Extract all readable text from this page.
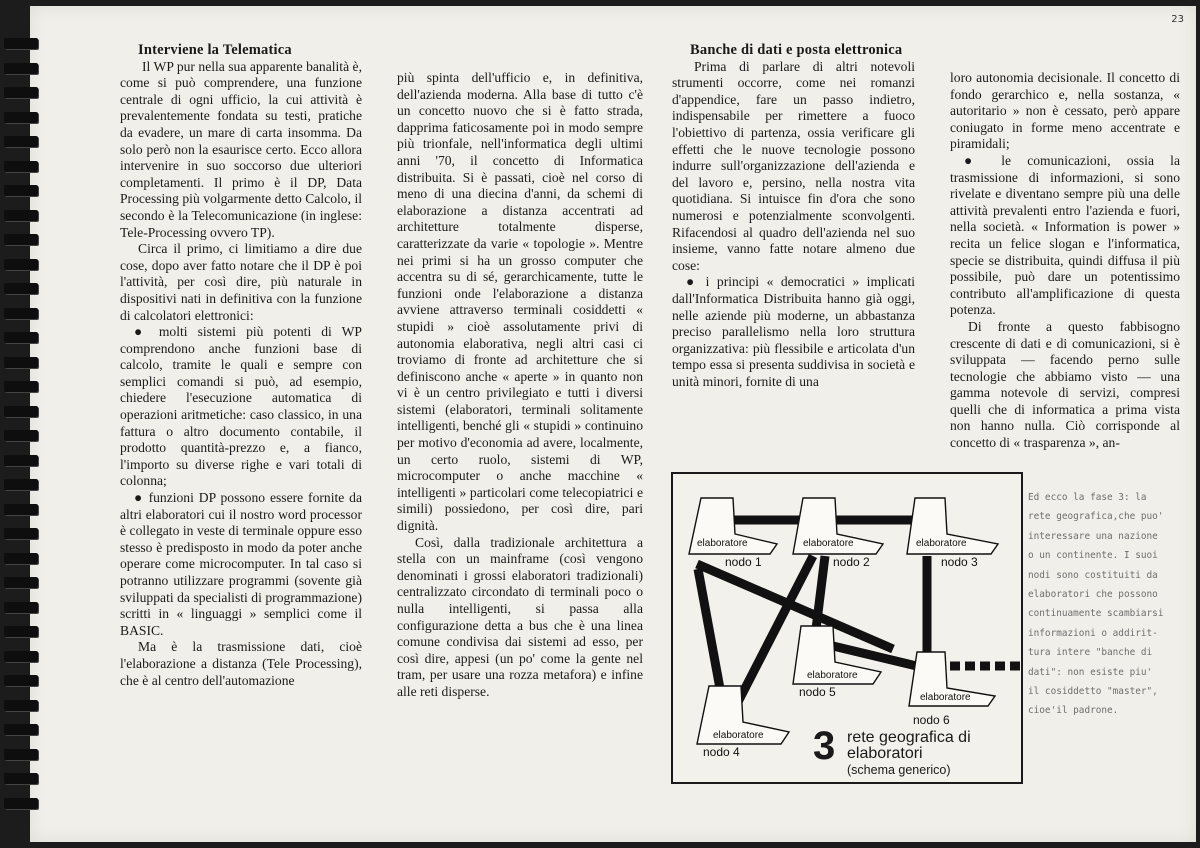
23

Interviene la Telematica

Il WP pur nella sua apparente banalità è, come si può comprendere, una funzione centrale di ogni ufficio, la cui attività è prevalentemente fondata su testi, pratiche da evadere, un mare di carta insomma. Da solo però non la esaurisce certo. Ecco allora intervenire in suo soccorso due ulteriori completamenti. Il primo è il DP, Data Processing più volgarmente detto Calcolo, il secondo è la Telecomunicazione (in inglese: Tele-Processing ovvero TP).

Circa il primo, ci limitiamo a dire due cose, dopo aver fatto notare che il DP è poi l'attività, per così dire, più naturale in dispositivi nati in definitiva con la funzione di calcolatori elettronici:

● molti sistemi più potenti di WP comprendono anche funzioni base di calcolo, tramite le quali e sempre con semplici comandi si può, ad esempio, chiedere l'esecuzione automatica di operazioni aritmetiche: caso classico, in una fattura o altro documento contabile, il prodotto quantità-prezzo e, a fianco, l'importo su diverse righe e vari totali di colonna;

● funzioni DP possono essere fornite da altri elaboratori cui il nostro word processor è collegato in veste di terminale oppure esso stesso è predisposto in modo da poter anche operare come microcomputer. In tal caso si potranno utilizzare programmi (sovente già sviluppati da specialisti di programmazione) scritti in « linguaggi » semplici come il BASIC.

Ma è la trasmissione dati, cioè l'elaborazione a distanza (Tele Processing), che è al centro dell'automazione

più spinta dell'ufficio e, in definitiva, dell'azienda moderna. Alla base di tutto c'è un concetto nuovo che si è fatto strada, dapprima faticosamente poi in modo sempre più trionfale, nell'informatica degli ultimi anni '70, il concetto di Informatica distribuita. Si è passati, cioè nel corso di meno di una diecina d'anni, da schemi di elaborazione a distanza accentrati ad architetture totalmente disperse, caratterizzate da varie « topologie ». Mentre nei primi si ha un grosso computer che accentra su di sé, gerarchicamente, tutte le funzioni onde l'elaborazione a distanza avviene attraverso terminali cosiddetti « stupidi » cioè assolutamente privi di autonomia elaborativa, negli altri casi ci troviamo di fronte ad architetture che si definiscono anche « aperte » in quanto non vi è un centro privilegiato e tutti i diversi sistemi (elaboratori, terminali solitamente intelligenti, benché gli « stupidi » continuino per motivo d'economia ad avere, localmente, un certo ruolo, sistemi di WP, microcomputer o anche macchine « intelligenti » particolari come telecopiatrici e simili) possiedono, per così dire, pari dignità.

Così, dalla tradizionale architettura a stella con un mainframe (così vengono denominati i grossi elaboratori tradizionali) centralizzato circondato di terminali poco o nulla intelligenti, si passa alla configurazione detta a bus che è una linea comune condivisa dai sistemi ad esso, per così dire, appesi (un po' come la gente nel tram, per usare una rozza metafora) e infine alle reti disperse.

Banche di dati e posta elettronica

Prima di parlare di altri notevoli strumenti occorre, come nei romanzi d'appendice, fare un passo indietro, indispensabile per rimettere a fuoco l'obiettivo di partenza, ossia verificare gli effetti che le nuove tecnologie possono indurre sull'organizzazione dell'azienda e del lavoro e, persino, nella nostra vita quotidiana. Si intuisce fin d'ora che sono numerosi e potenzialmente sconvolgenti. Rifacendosi al quadro dell'azienda nel suo insieme, vanno fatte notare almeno due cose:

● i principi « democratici » implicati dall'Informatica Distribuita hanno già oggi, nelle aziende più moderne, un abbastanza preciso parallelismo nella loro struttura organizzativa: più flessibile e articolata d'un tempo essa si presenta suddivisa in società e unità minori, fornite di una

loro autonomia decisionale. Il concetto di fondo gerarchico e, nella sostanza, « autoritario » non è cessato, però appare coniugato in forme meno accentrate e piramidali;

● le comunicazioni, ossia la trasmissione di informazioni, si sono rivelate e diventano sempre più una delle attività prevalenti entro l'azienda e fuori, nella società. « Information is power » recita un felice slogan e l'informatica, specie se distribuita, quindi diffusa il più possibile, può dare un potentissimo contributo all'amplificazione di questa potenza.

Di fronte a questo fabbisogno crescente di dati e di comunicazioni, si è sviluppata — facendo perno sulle tecnologie che abbiamo visto — una gamma notevole di servizi, compresi quelli che di informatica a prima vista non hanno nulla. Ciò corrisponde al concetto di « trasparenza », an-

elaboratore
nodo 1
elaboratore
nodo 2
elaboratore
nodo 3
elaboratore
nodo 4
elaboratore
nodo 5	elaboratore
nodo 6
3 rete geografica di
elaboratori
(schema generico)
Ed ecco la fase 3: la
rete geografica,che puo'
interessare una nazione
o un continente. I suoi
nodi sono costituiti da
elaboratori che possono
continuamente scambiarsi
informazioni o addirit-
tura intere "banche di
dati": non esiste piu'
il cosiddetto "master",
cioe'il padrone.
